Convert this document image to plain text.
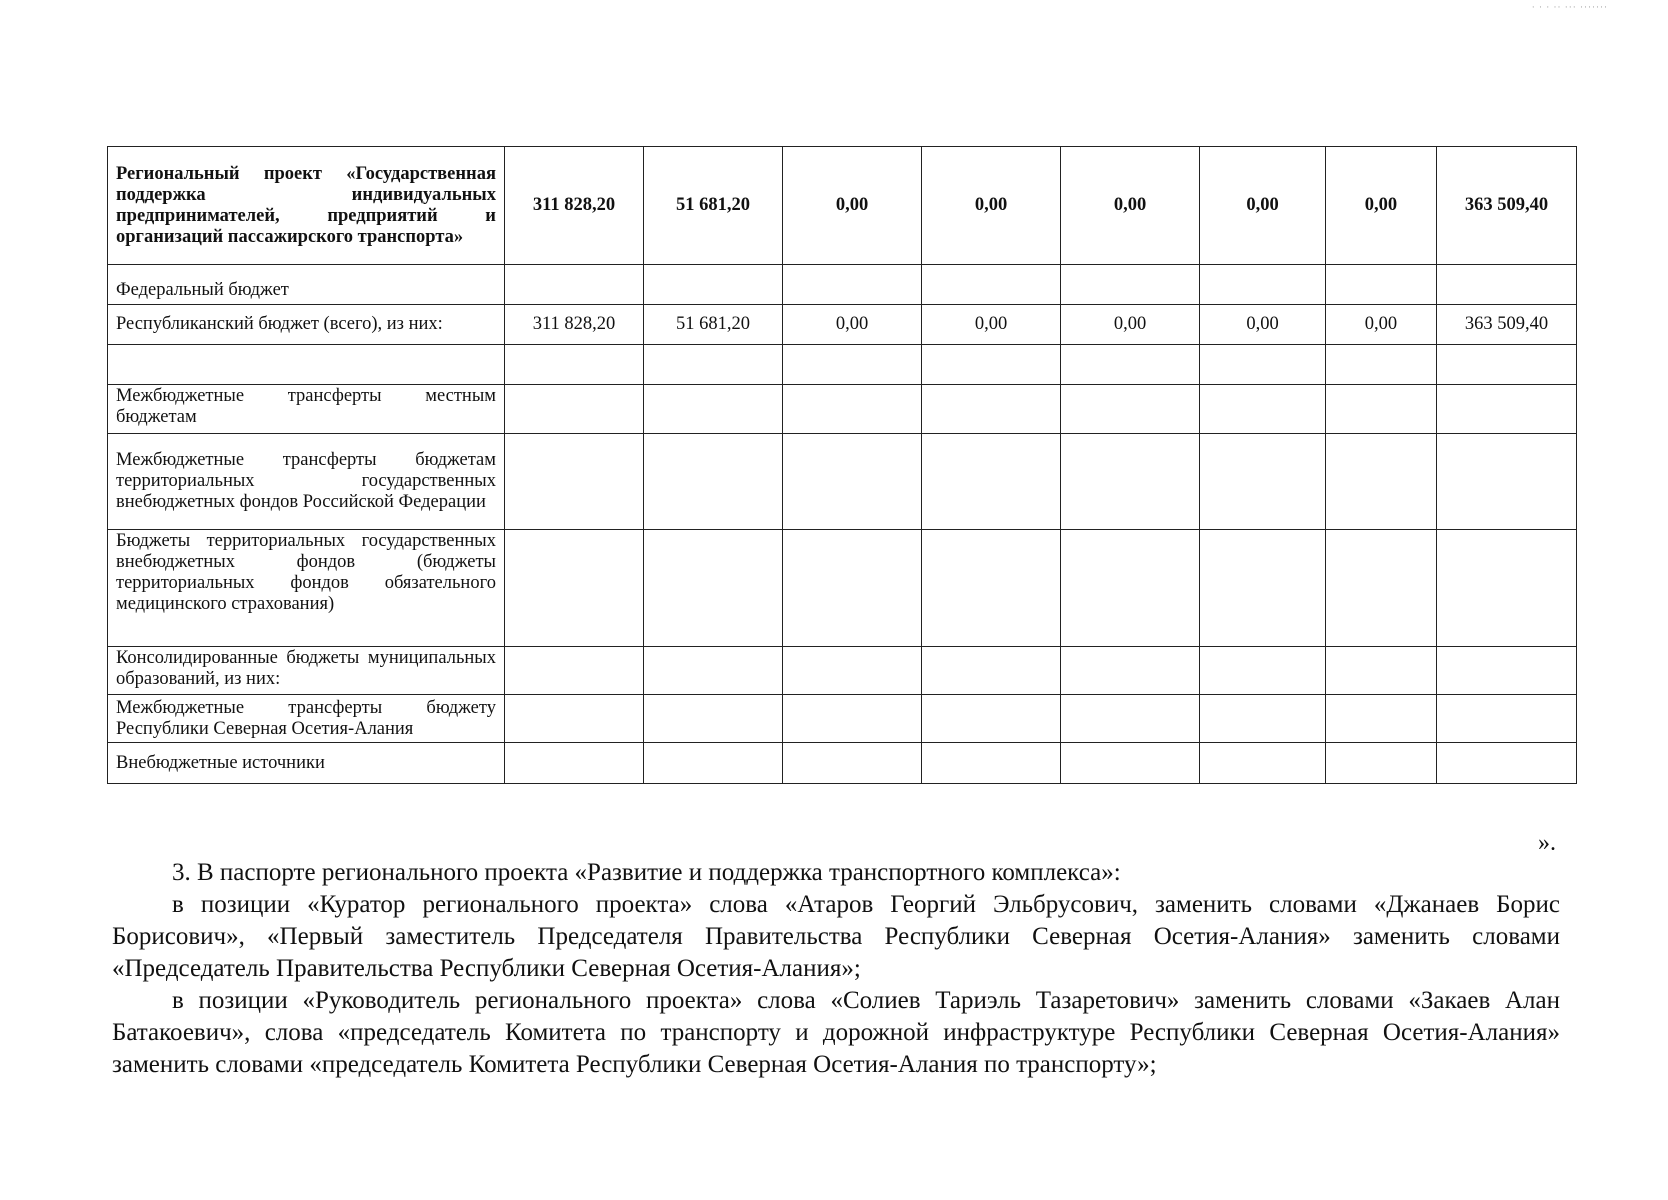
· · · ·· ··· ·······
Региональный проект «Государственная поддержка индивидуальных предпринимателей, предприятий и организаций пассажирского транспорта»	311 828,20	51 681,20	0,00	0,00	0,00	0,00	0,00	363 509,40
Федеральный бюджет								
Республиканский бюджет (всего), из них:	311 828,20	51 681,20	0,00	0,00	0,00	0,00	0,00	363 509,40

Межбюджетные трансферты местным бюджетам								
Межбюджетные трансферты бюджетам территориальных государственных внебюджетных фондов Российской Федерации								
Бюджеты территориальных государственных внебюджетных фондов (бюджеты территориальных фондов обязательного медицинского страхования)								
Консолидированные бюджеты муниципальных образований, из них:								
Межбюджетные трансферты бюджету Республики Северная Осетия-Алания								
Внебюджетные источники								
».

3. В паспорте регионального проекта «Развитие и поддержка транспортного комплекса»:

в позиции «Куратор регионального проекта» слова «Атаров Георгий Эльбрусович, заменить словами «Джанаев Борис Борисович», «Первый заместитель Председателя Правительства Республики Северная Осетия-Алания» заменить словами «Председатель Правительства Республики Северная Осетия-Алания»;

в позиции «Руководитель регионального проекта» слова «Солиев Тариэль Тазаретович» заменить словами «Закаев Алан Батакоевич», слова «председатель Комитета по транспорту и дорожной инфраструктуре Республики Северная Осетия-Алания» заменить словами «председатель Комитета Республики Северная Осетия-Алания по транспорту»;
